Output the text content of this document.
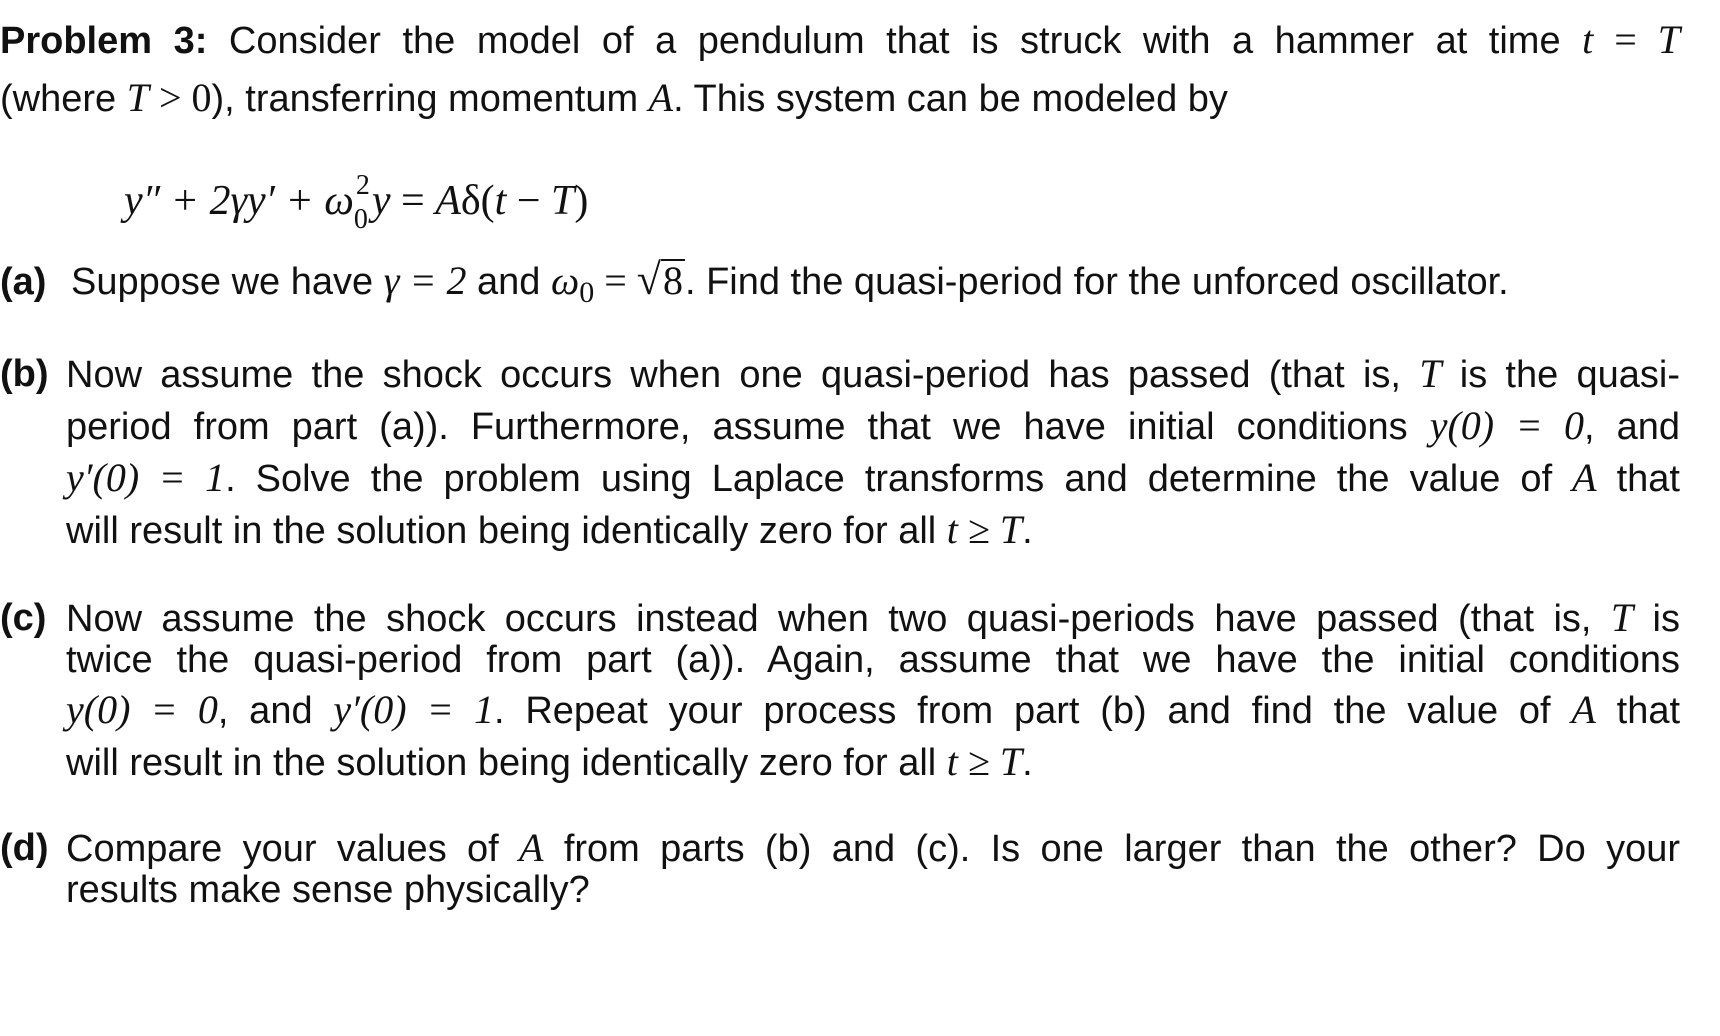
Problem 3: Consider the model of a pendulum that is struck with a hammer at time t = T
(where T > 0), transferring momentum A. This system can be modeled by
y″ + 2γy′ + ω 2
0 y = Aδ(t − T)
(a) Suppose we have γ = 2 and $\omega_0 = √8$. Find the quasi-period for the unforced oscillator.
(b) Now assume the shock occurs when one quasi-period has passed (that is, T is the quasi-
period from part (a)). Furthermore, assume that we have initial conditions y(0) = 0, and
y′(0) = 1. Solve the problem using Laplace transforms and determine the value of A that
will result in the solution being identically zero for all t ≥ T.
(c) Now assume the shock occurs instead when two quasi-periods have passed (that is, T is
twice the quasi-period from part (a)). Again, assume that we have the initial conditions
y(0) = 0, and y′(0) = 1. Repeat your process from part (b) and find the value of A that
will result in the solution being identically zero for all t ≥ T.
(d) Compare your values of A from parts (b) and (c). Is one larger than the other? Do your
results make sense physically?
